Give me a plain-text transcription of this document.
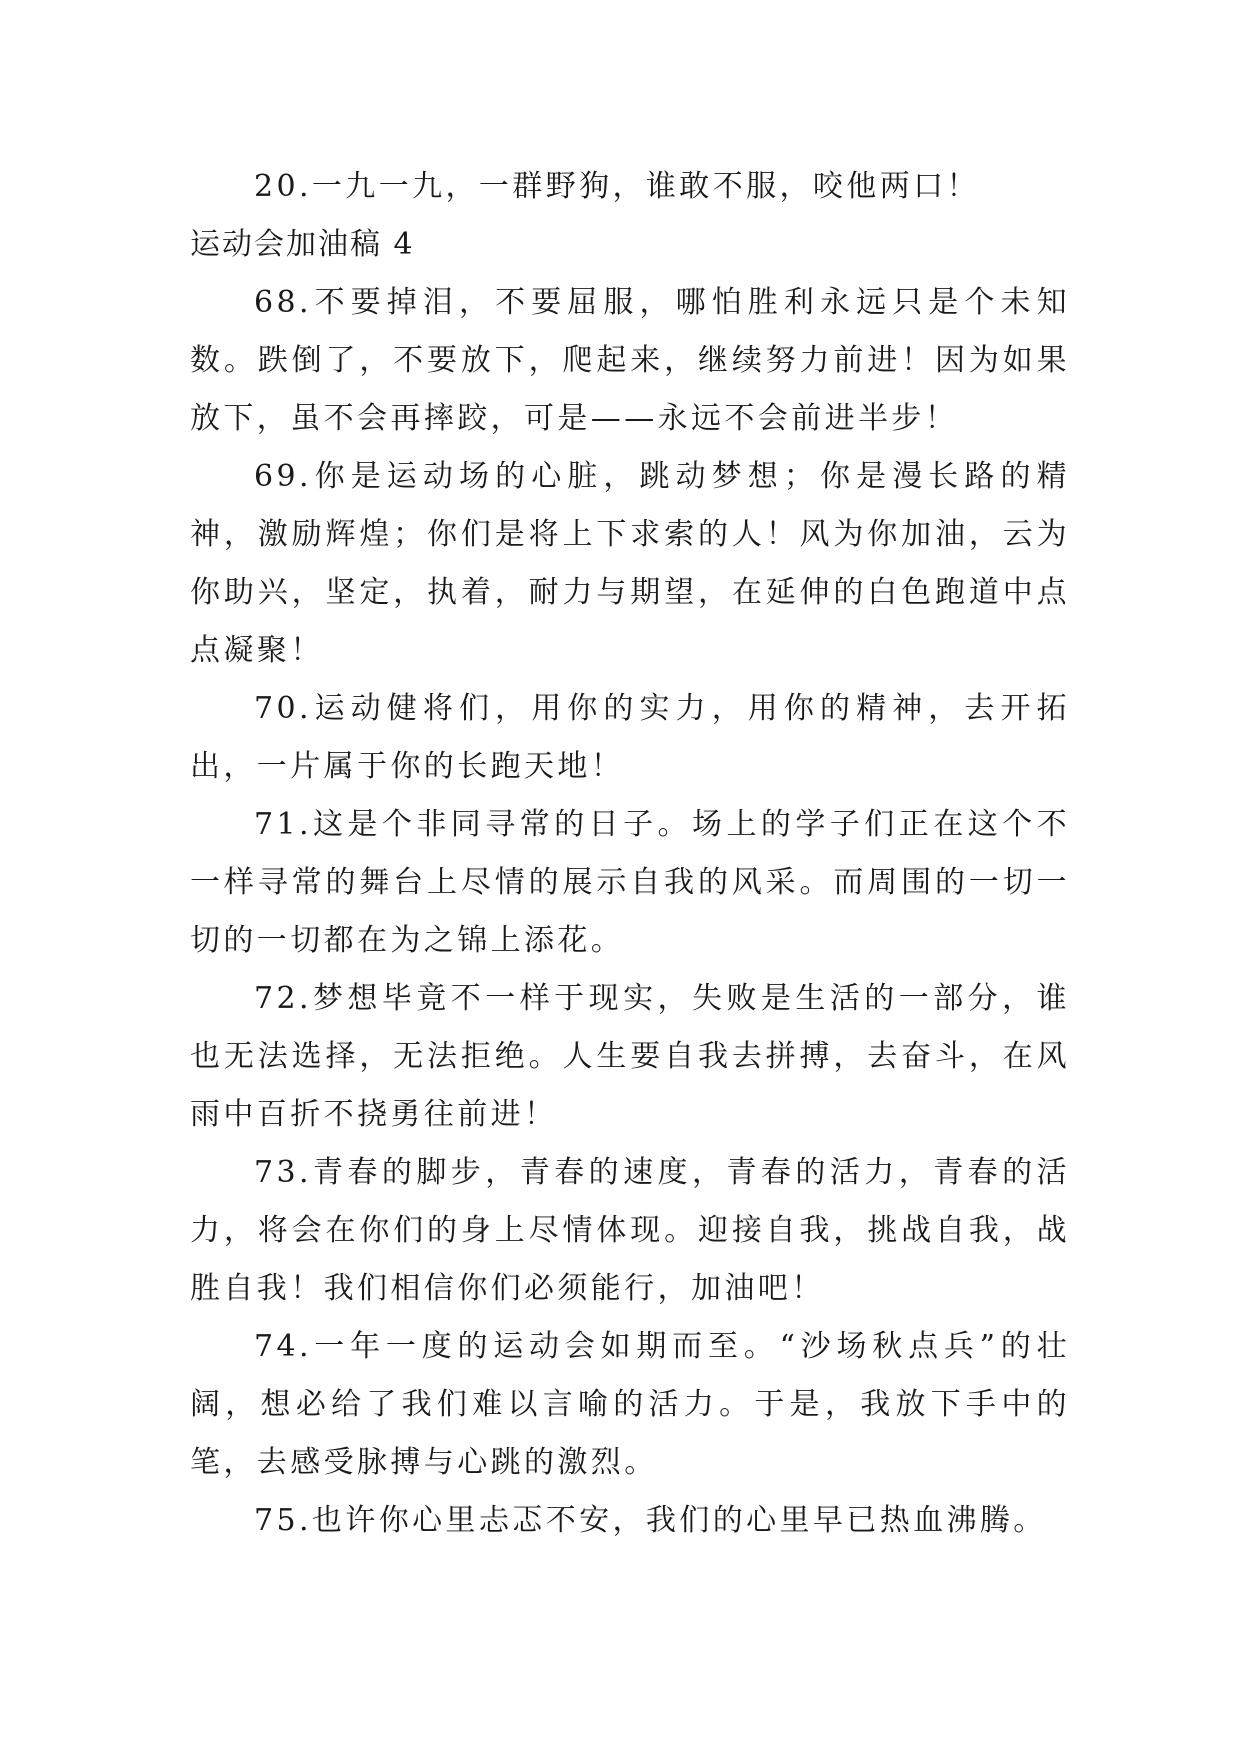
20.一九一九，一群野狗，谁敢不服，咬他两口！

运动会加油稿 4

68.不要掉泪，不要屈服，哪怕胜利永远只是个未知数。跌倒了，不要放下，爬起来，继续努力前进！因为如果放下，虽不会再摔跤，可是——永远不会前进半步！

69.你是运动场的心脏，跳动梦想；你是漫长路的精神，激励辉煌；你们是将上下求索的人！风为你加油，云为你助兴，坚定，执着，耐力与期望，在延伸的白色跑道中点点凝聚！

70.运动健将们，用你的实力，用你的精神，去开拓出，一片属于你的长跑天地！

71.这是个非同寻常的日子。场上的学子们正在这个不一样寻常的舞台上尽情的展示自我的风采。而周围的一切一切的一切都在为之锦上添花。

72.梦想毕竟不一样于现实，失败是生活的一部分，谁也无法选择，无法拒绝。人生要自我去拼搏，去奋斗，在风雨中百折不挠勇往前进！

73.青春的脚步，青春的速度，青春的活力，青春的活力，将会在你们的身上尽情体现。迎接自我，挑战自我，战胜自我！我们相信你们必须能行，加油吧！

74.一年一度的运动会如期而至。“沙场秋点兵”的壮阔，想必给了我们难以言喻的活力。于是，我放下手中的笔，去感受脉搏与心跳的激烈。

75.也许你心里忐忑不安，我们的心里早已热血沸腾。
